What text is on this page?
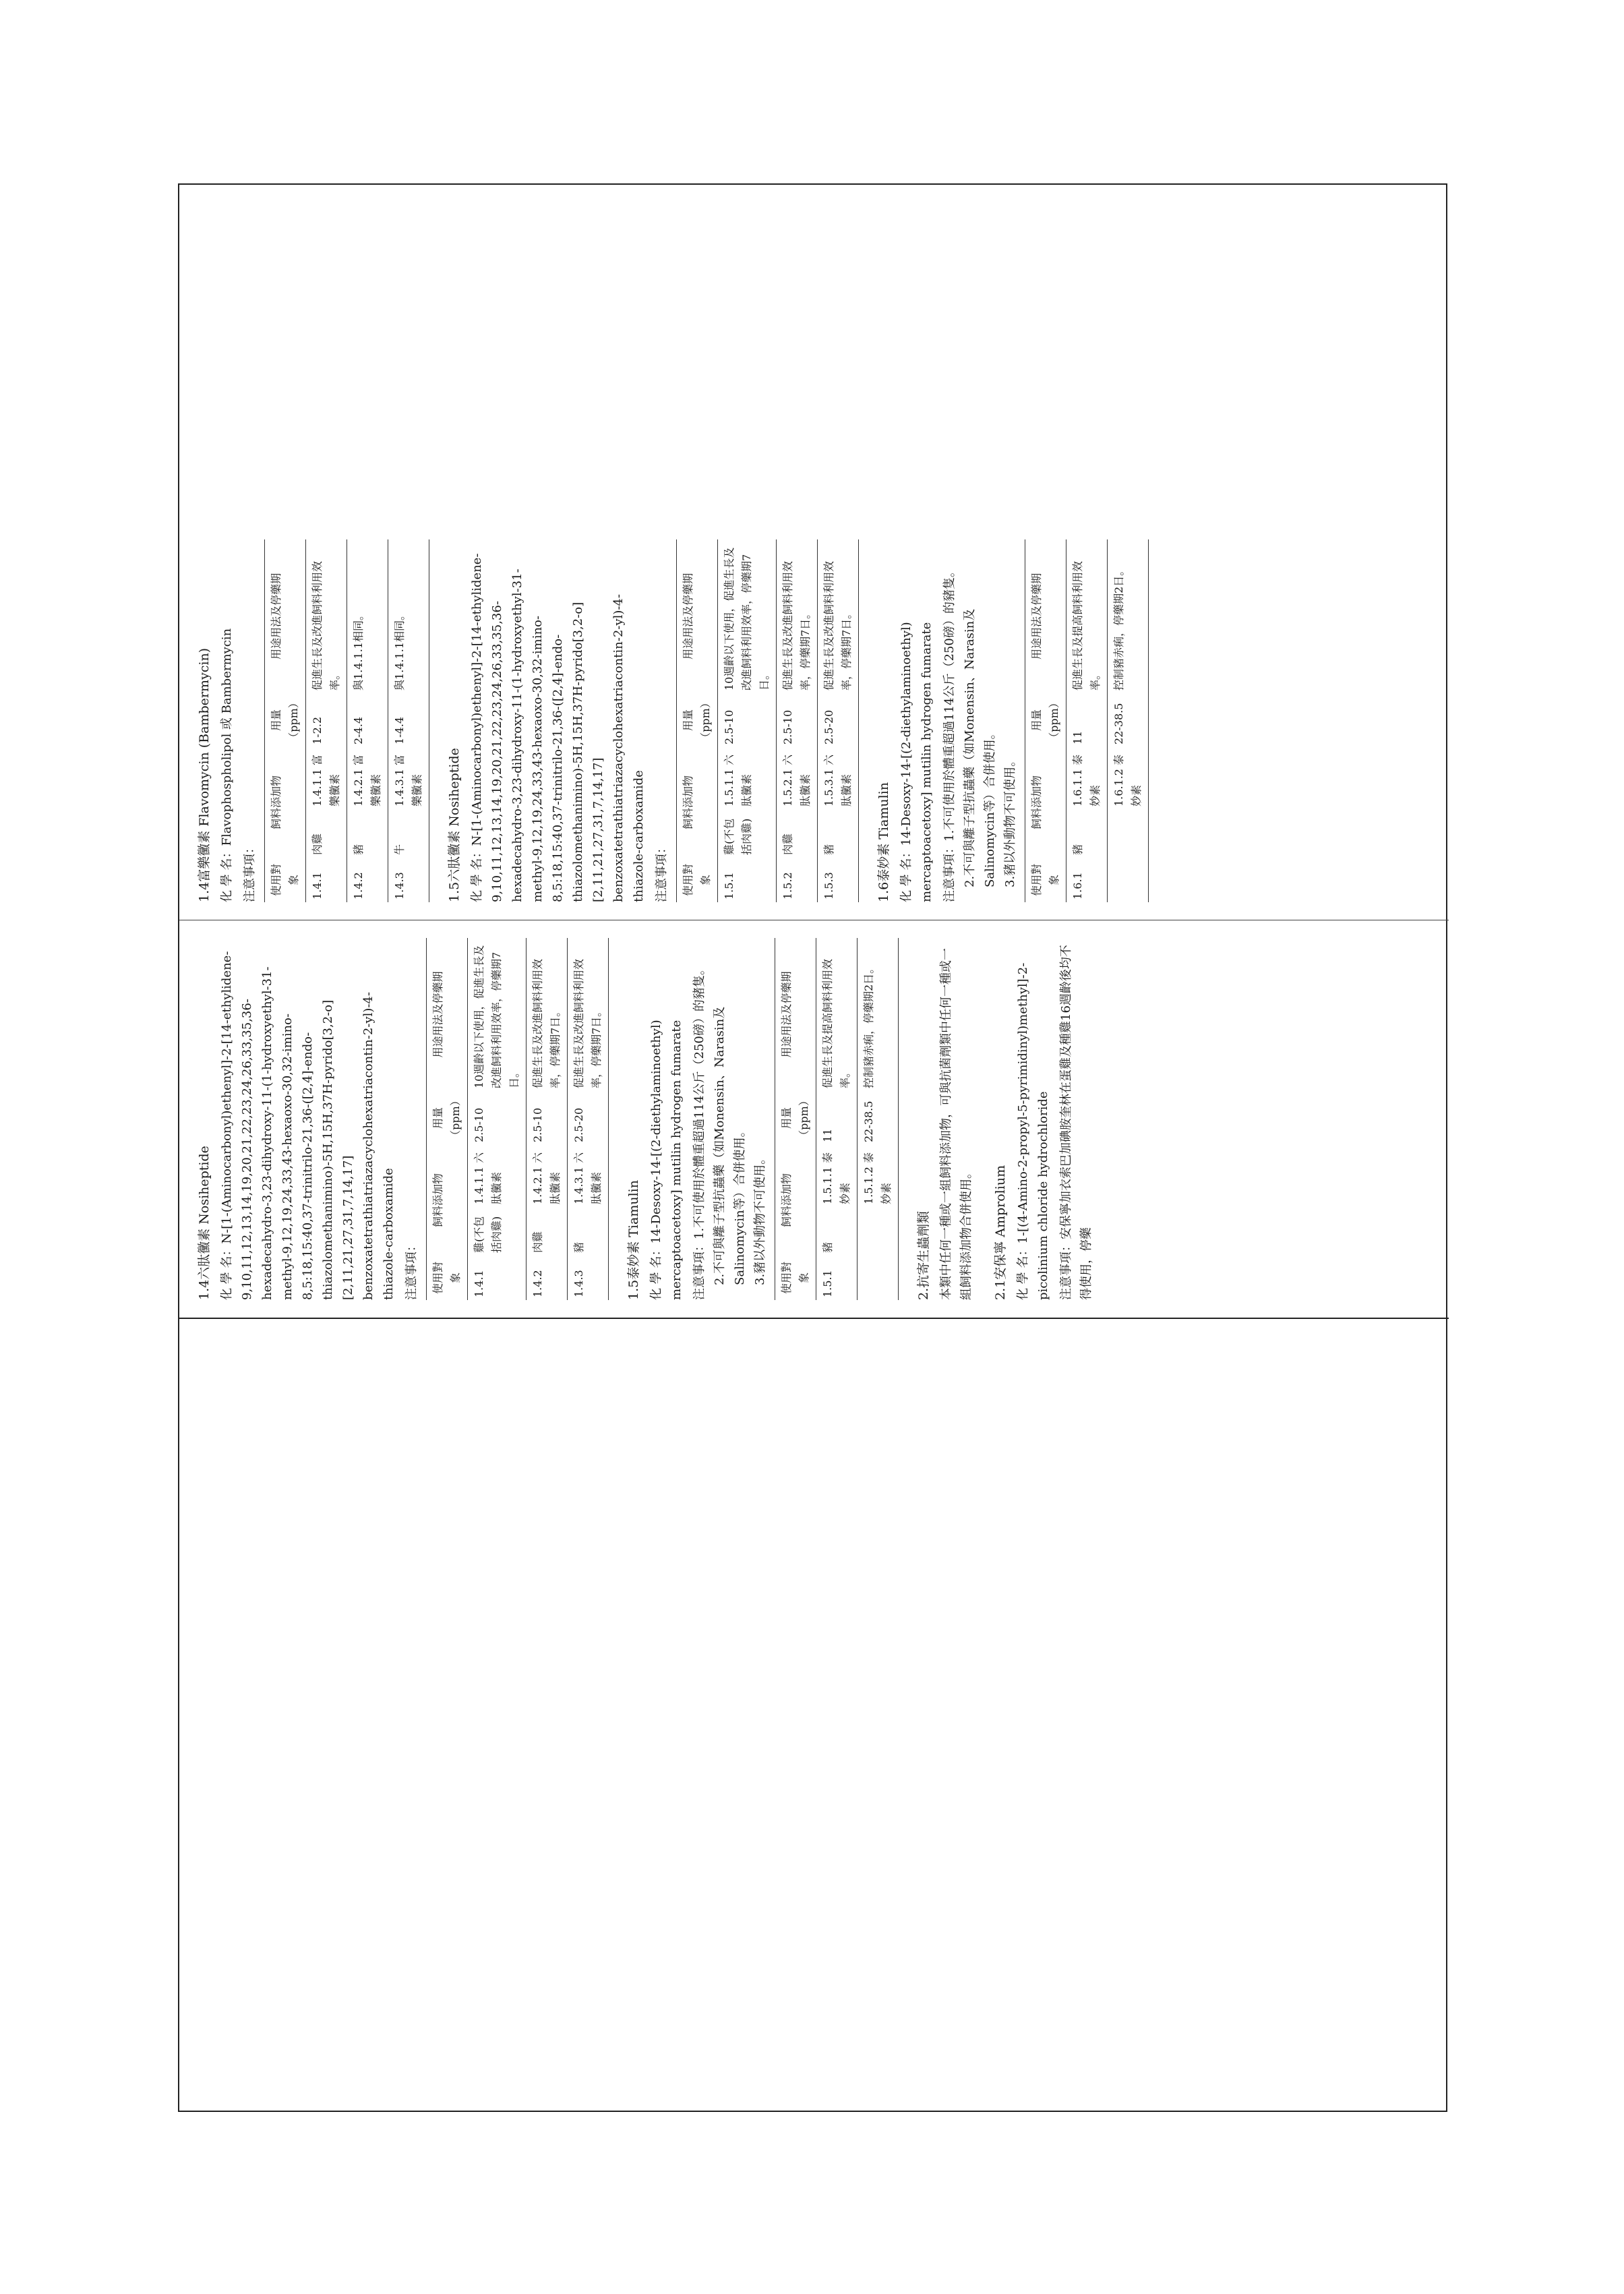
1.4六肽黴素 Nosiheptide 化 學 名：N-[1-(Aminocarbonyl)ethenyl]-2-[14-ethylidene-9,10,11,12,13,14,19,20,21,22,23,24,26,33,35,36-hexadecahydro-3,23-dihydroxy-11-(1-hydroxyethyl-31-methyl-9,12,19,24,33,43-hexaoxo-30,32-imino-8,5:18,15:40,37-trinitrilo-21,36-([2,4]-endo-thiazolomethanimino)-5H,15H,37H-pyrido[3,2-o][2,11,21,27,31,7,14,17] benzoxatetrathiatriazacyclohexatriacontin-2-yl)-4- thiazole-carboxamide 注意事項：	使用對象	飼料添加物		用量（ppm）	用途用法及停藥期
1.4.1	雞(不包括肉雞)	1.4.1.1 六肽黴素	2.5-10	10週齡以下使用，促進生長及改進飼料利用效率，停藥期7日。
1.4.2	肉雞	1.4.2.1 六肽黴素	2.5-10	促進生長及改進飼料利用效率，停藥期7日。
1.4.3	豬	1.4.3.1 六肽黴素	2.5-20	促進生長及改進飼料利用效率，停藥期7日。
1.5泰妙素 Tiamulin 化 學 名：14-Desoxy-14-[(2-diethylaminoethyl) mercaptoacetoxy] mutilin hydrogen fumarate 注意事項：1.不可使用於體重超過114公斤（250磅）的豬隻。 2.不可與離子型抗蟲藥（如Monensin、Narasin及Salinomycin等）合併使用。 3.豬以外動物不可使用。	使用對象	飼料添加物		用量（ppm）	用途用法及停藥期
1.5.1	豬	1.5.1.1 泰妙素	11	促進生長及提高飼料利用效率。
		1.5.1.2 泰妙素	22-38.5	控制豬赤痢，停藥期2日。
2.抗寄生蟲劑類 本類中任何一種或一組飼料添加物，可與抗菌劑類中任何一種或一組飼料添加物合併使用。 2.1安保寧 Amprolium 化 學 名：1-[(4-Amino-2-propyl-5-pyrimidinyl)methyl]-2-picolinium chloride hydrochloride 注意事項：安保寧加衣索巴加碘胺奎林在蛋雞及種雞16週齡後均不得使用，停藥
1.4富樂黴素 Flavomycin (Bambermycin) 化 學 名：Flavophospholipol 或 Bambermycin
注意事項：	使用對象	飼料添加物		用量（ppm）	用途用法及停藥期
1.4.1	肉雞	1.4.1.1 富樂黴素	1-2.2	促進生長及改進飼料利用效率。
1.4.2	豬	1.4.2.1 富樂黴素	2-4.4	與1.4.1.1相同。
1.4.3	牛	1.4.3.1 富樂黴素	1-4.4	與1.4.1.1相同。
1.5六肽黴素 Nosiheptide 化 學 名：N-[1-(Aminocarbonyl)ethenyl]-2-[14-ethylidene-9,10,11,12,13,14,19,20,21,22,23,24,26,33,35,36-hexadecahydro-3,23-dihydroxy-11-(1-hydroxyethyl-31-methyl-9,12,19,24,33,43-hexaoxo-30,32-imino-8,5:18,15:40,37-trinitrilo-21,36-([2,4]-endo-thiazolomethanimino)-5H,15H,37H-pyrido[3,2-o][2,11,21,27,31,7,14,17] benzoxatetrathiatriazacyclohexatriacontin-2-yl)-4- thiazole-carboxamide 注意事項：	使用對象	飼料添加物		用量（ppm）	用途用法及停藥期
1.5.1	雞(不包括肉雞)	1.5.1.1 六肽黴素	2.5-10	10週齡以下使用，促進生長及改進飼料利用效率，停藥期7日。
1.5.2	肉雞	1.5.2.1 六肽黴素	2.5-10	促進生長及改進飼料利用效率，停藥期7日。
1.5.3	豬	1.5.3.1 六肽黴素	2.5-20	促進生長及改進飼料利用效率，停藥期7日。
1.6泰妙素 Tiamulin 化 學 名：14-Desoxy-14-[(2-diethylaminoethyl) mercaptoacetoxy] mutilin hydrogen fumarate 注意事項：1.不可使用於體重超過114公斤（250磅）的豬隻。 2.不可與離子型抗蟲藥（如Monensin、Narasin及Salinomycin等）合併使用。 3.豬以外動物不可使用。	使用對象	飼料添加物		用量（ppm）	用途用法及停藥期
1.6.1	豬	1.6.1.1 泰妙素	11	促進生長及提高飼料利用效率。
		1.6.1.2 泰妙素	22-38.5	控制豬赤痢，停藥期2日。
